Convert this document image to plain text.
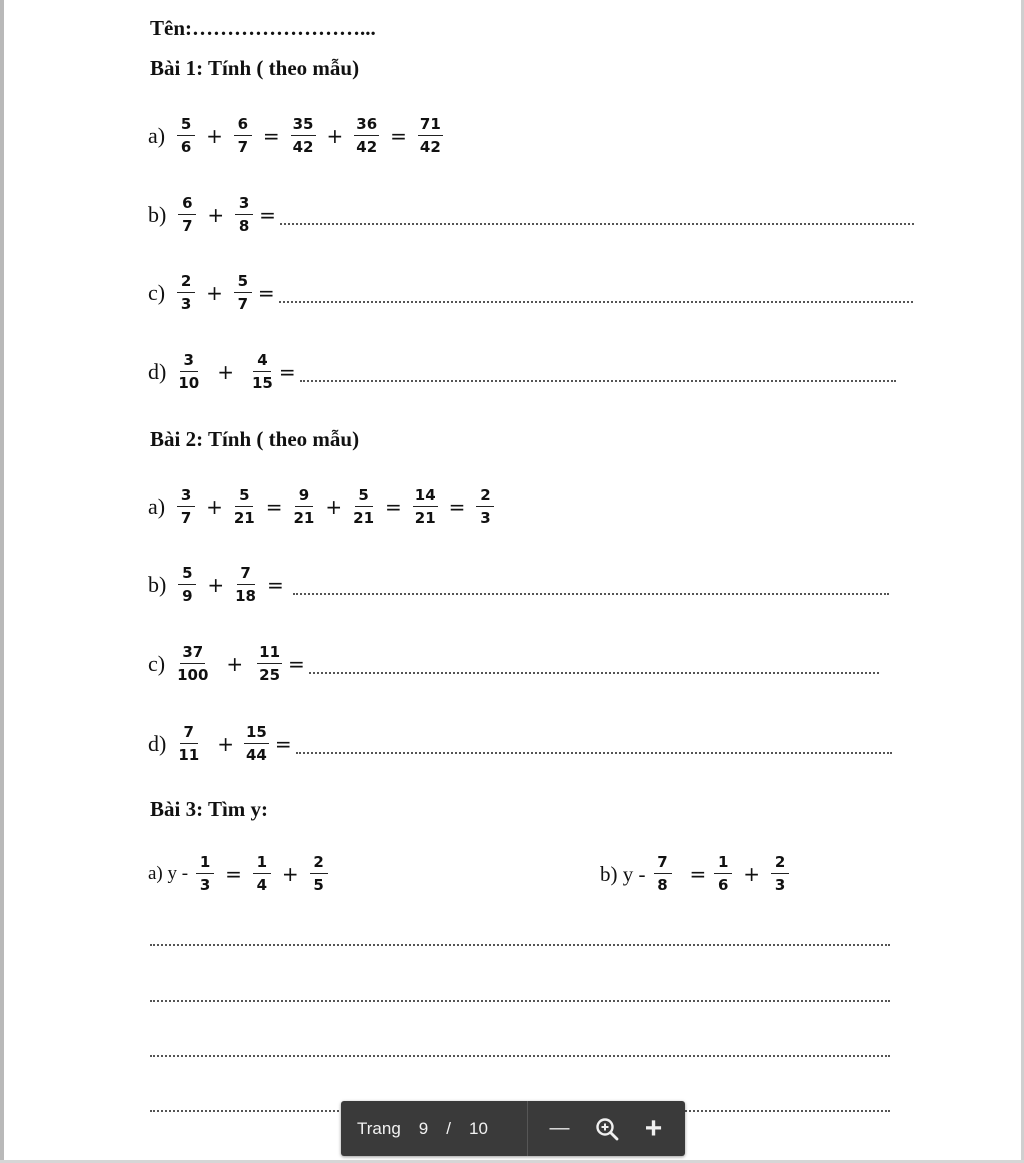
Tên:……………………...
Bài 1: Tính ( theo mẫu)
$a) \frac{5}{6} + \frac{6}{7} = \frac{35}{42} + \frac{36}{42} = \frac{71}{42}$
$b) \frac{6}{7} + \frac{3}{8}$ =
$c) \frac{2}{3} + \frac{5}{7}$ =
$d) \frac{3}{10} + \frac{4}{15}$ =
Bài 2: Tính ( theo mẫu)
$a) \frac{3}{7} + \frac{5}{21} = \frac{9}{21} + \frac{5}{21} = \frac{14}{21} = \frac{2}{3}$
$b) \frac{5}{9} + \frac{7}{18}$ =
$c) \frac{37}{100} + \frac{11}{25}$ =
$d) \frac{7}{11} + \frac{15}{44}$ =
Bài 3: Tìm y:
a) $y - \frac{1}{3} = \frac{1}{4} + \frac{2}{5}$	b) $y - \frac{7}{8} = \frac{1}{6} + \frac{2}{3}$
Trang 9 / 10	—	+
